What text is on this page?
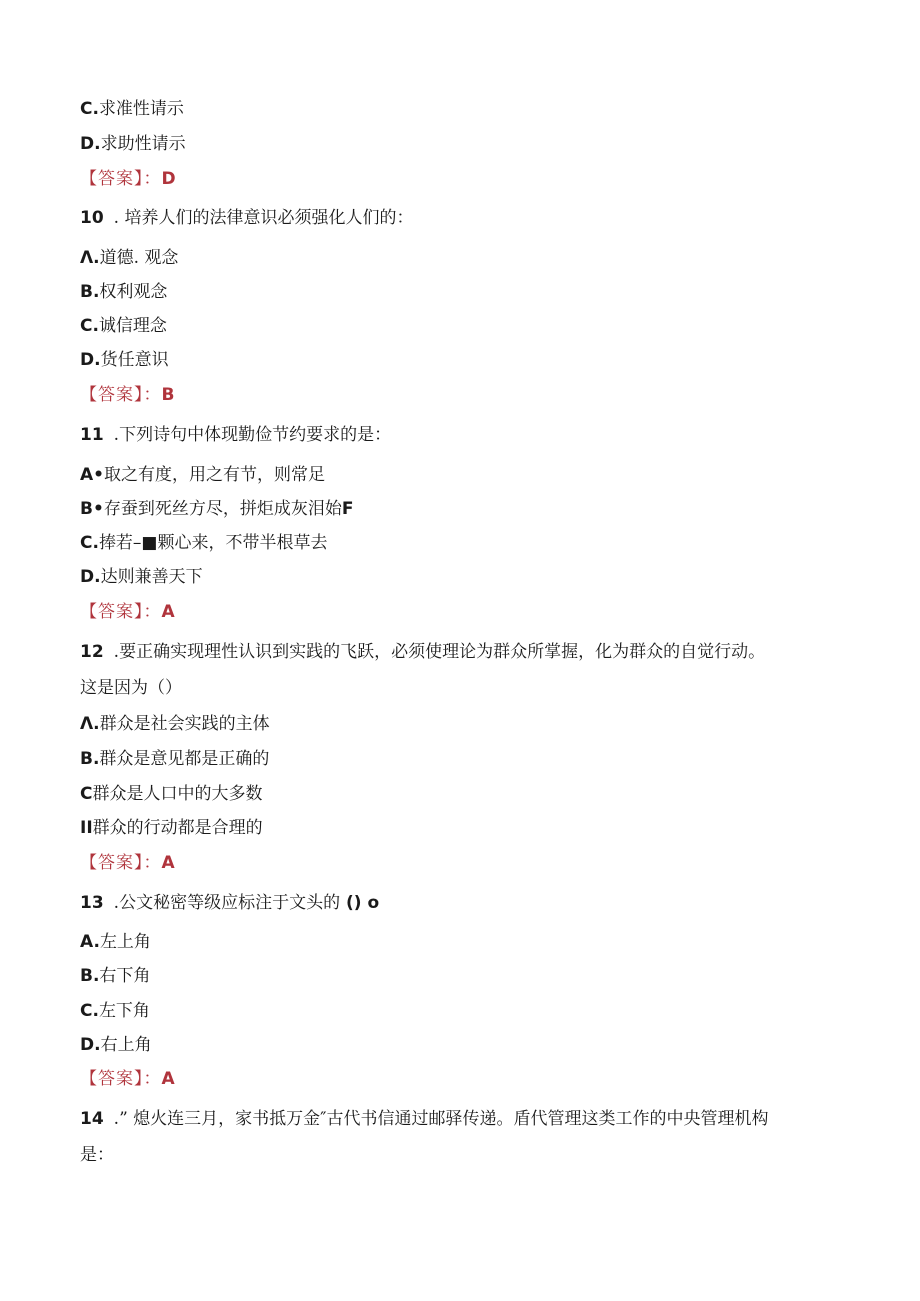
C.求准性请示
D.求助性请示
【答案】：D
10 . 培养人们的法律意识必须强化人们的：
Λ.道德. 观念
B.权利观念
C.诚信理念
D.货任意识
【答案】：B
11 .下列诗句中体现勤俭节约要求的是：
A•取之有度，用之有节，则常足
B•存蚕到死丝方尽，拼炬成灰泪始F
C.捧若–■颗心来，不带半根草去
D.达则兼善天下
【答案】：A
12 .要正确实现理性认识到实践的飞跃，必须使理论为群众所掌握，化为群众的自觉行动。
这是因为（）
Λ.群众是社会实践的主体
B.群众是意见都是正确的
C群众是人口中的大多数
II群众的行动都是合理的
【答案】：A
13 .公文秘密等级应标注于文头的 () o
A.左上角
B.右下角
C.左下角
D.右上角
【答案】：A
14 .” 熄火连三月，家书抵万金″古代书信通过邮驿传递。盾代管理这类工作的中央管理机构
是：
